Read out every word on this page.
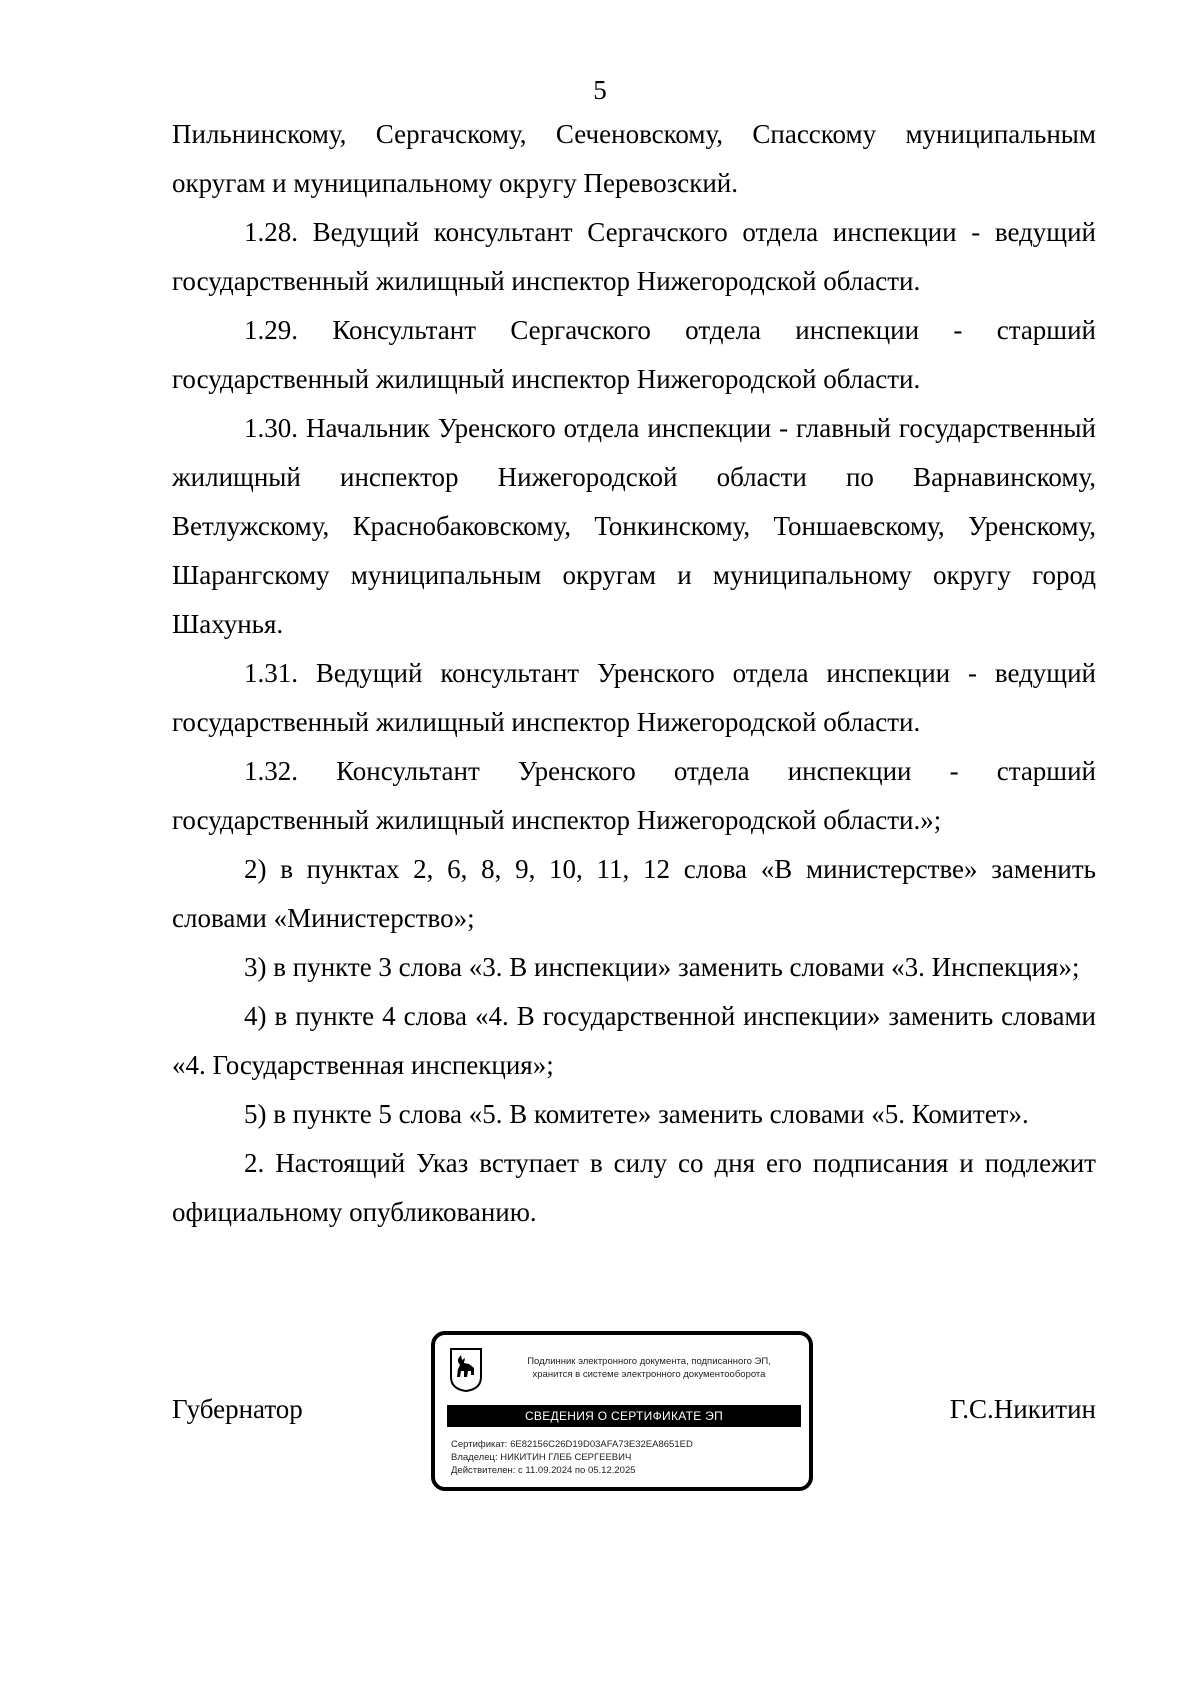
5

Пильнинскому, Сергачскому, Сеченовскому, Спасскому муниципальным округам и муниципальному округу Перевозский.

1.28. Ведущий консультант Сергачского отдела инспекции - ведущий государственный жилищный инспектор Нижегородской области.

1.29. Консультант Сергачского отдела инспекции - старший государственный жилищный инспектор Нижегородской области.

1.30. Начальник Уренского отдела инспекции - главный государственный жилищный инспектор Нижегородской области по Варнавинскому, Ветлужскому, Краснобаковскому, Тонкинскому, Тоншаевскому, Уренскому, Шарангскому муниципальным округам и муниципальному округу город Шахунья.

1.31. Ведущий консультант Уренского отдела инспекции - ведущий государственный жилищный инспектор Нижегородской области.

1.32. Консультант Уренского отдела инспекции - старший государственный жилищный инспектор Нижегородской области.»;

2) в пунктах 2, 6, 8, 9, 10, 11, 12 слова «В министерстве» заменить словами «Министерство»;

3) в пункте 3 слова «3. В инспекции» заменить словами «3. Инспекция»;

4) в пункте 4 слова «4. В государственной инспекции» заменить словами «4. Государственная инспекция»;

5) в пункте 5 слова «5. В комитете» заменить словами «5. Комитет».

2. Настоящий Указ вступает в силу со дня его подписания и подлежит официальному опубликованию.

Губернатор
Подлинник электронного документа, подписанного ЭП,
хранится в системе электронного документооборота
СВЕДЕНИЯ О СЕРТИФИКАТЕ ЭП
Сертификат: 6E82156C26D19D03AFA73E32EA8651ED
Владелец: НИКИТИН ГЛЕБ СЕРГЕЕВИЧ
Действителен: с 11.09.2024 по 05.12.2025
Г.С.Никитин
